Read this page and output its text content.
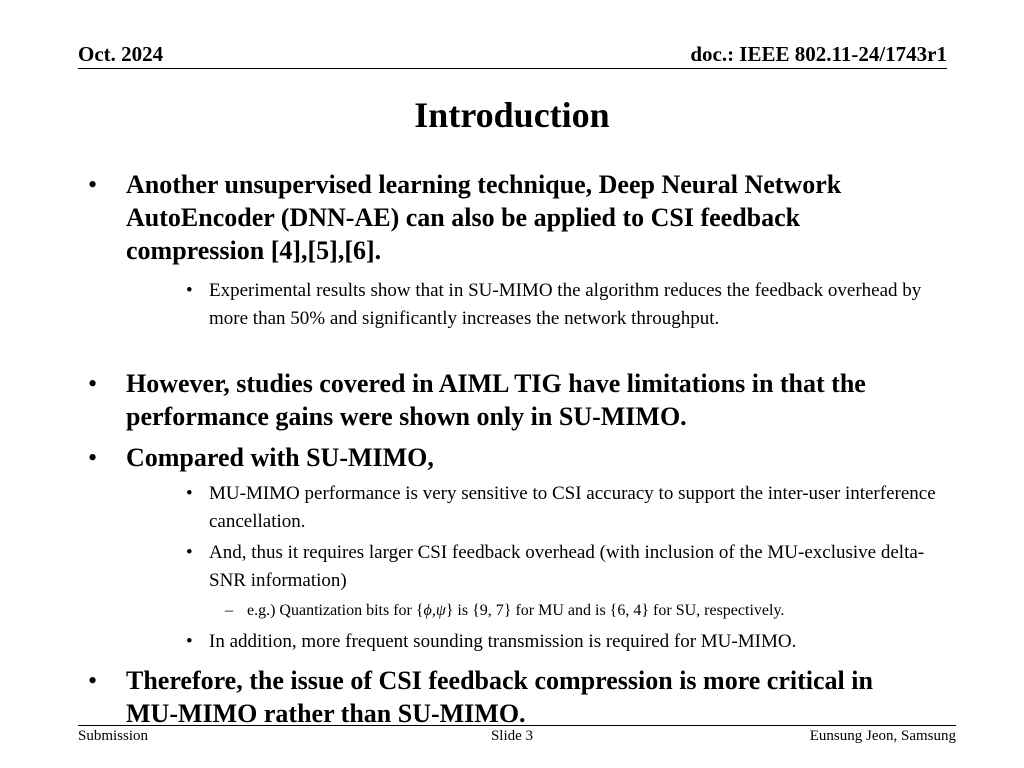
Oct. 2024	doc.: IEEE 802.11-24/1743r1
Introduction
• Another unsupervised learning technique, Deep Neural Network AutoEncoder (DNN-AE) can also be applied to CSI feedback compression [4],[5],[6].
• Experimental results show that in SU-MIMO the algorithm reduces the feedback overhead by more than 50% and significantly increases the network throughput.
• However, studies covered in AIML TIG have limitations in that the performance gains were shown only in SU-MIMO.
• Compared with SU-MIMO,
• MU-MIMO performance is very sensitive to CSI accuracy to support the inter-user interference cancellation.
• And, thus it requires larger CSI feedback overhead (with inclusion of the MU-exclusive delta-SNR information)
– e.g.) Quantization bits for {ϕ,ψ} is {9, 7} for MU and is {6, 4} for SU, respectively.
• In addition, more frequent sounding transmission is required for MU-MIMO.
• Therefore, the issue of CSI feedback compression is more critical in MU-MIMO rather than SU-MIMO.
Submission	Slide 3	Eunsung Jeon, Samsung
